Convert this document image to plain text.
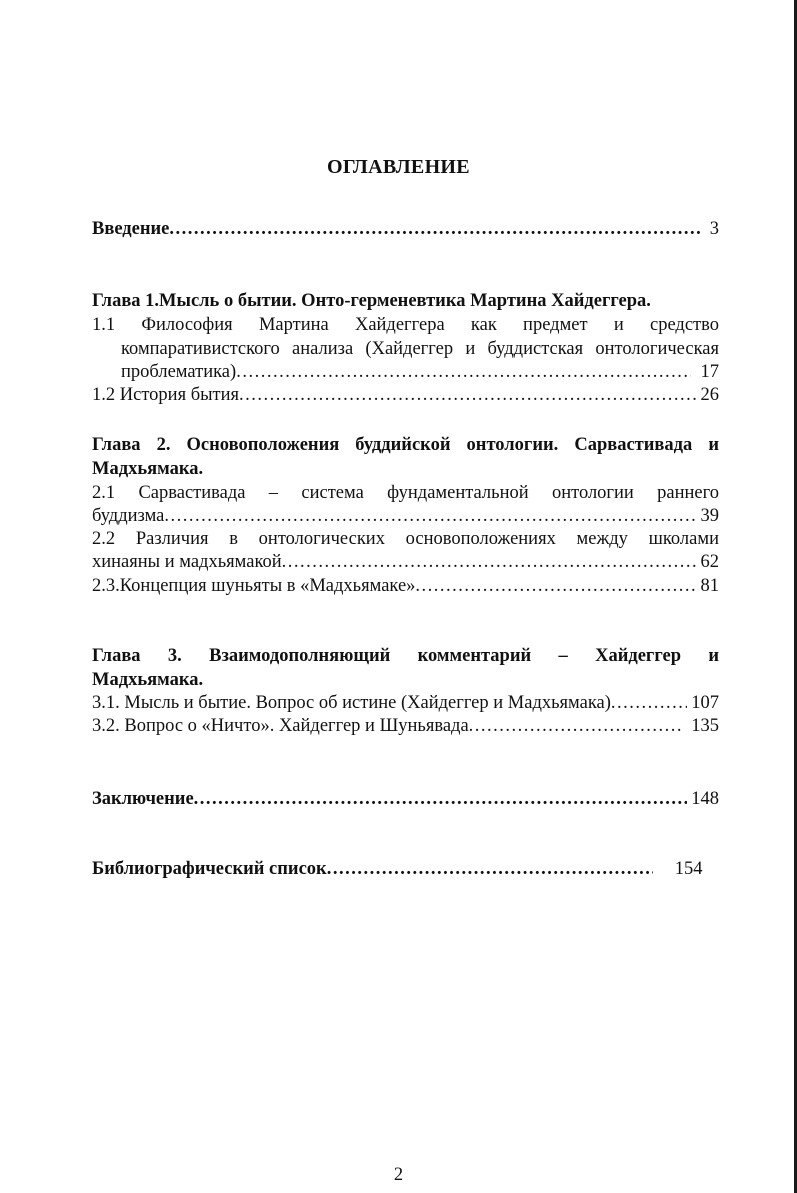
ОГЛАВЛЕНИЕ
Введение .....	3
Глава 1.Мысль о бытии. Онто-герменевтика Мартина Хайдеггера.
1.1 Философия Мартина Хайдеггера как предмет и средство
компаративистского анализа (Хайдеггер и буддистская онтологическая
проблематика) .....	17
1.2 История бытия .....	26
Глава 2. Основоположения буддийской онтологии. Сарвастивада и
Мадхьямака.
2.1 Сарвастивада – система фундаментальной онтологии раннего
буддизма .....	39
2.2 Различия в онтологических основоположениях между школами
хинаяны и мадхьямакой .....	62
2.3.Концепция шуньяты в «Мадхьямаке» .....	81
Глава 3. Взаимодополняющий комментарий – Хайдеггер и
Мадхьямака.
3.1. Мысль и бытие. Вопрос об истине (Хайдеггер и Мадхьямака) .....	107
3.2. Вопрос о «Ничто». Хайдеггер и Шуньявада .....	135
Заключение .....	148
Библиографический список .....	154
2
